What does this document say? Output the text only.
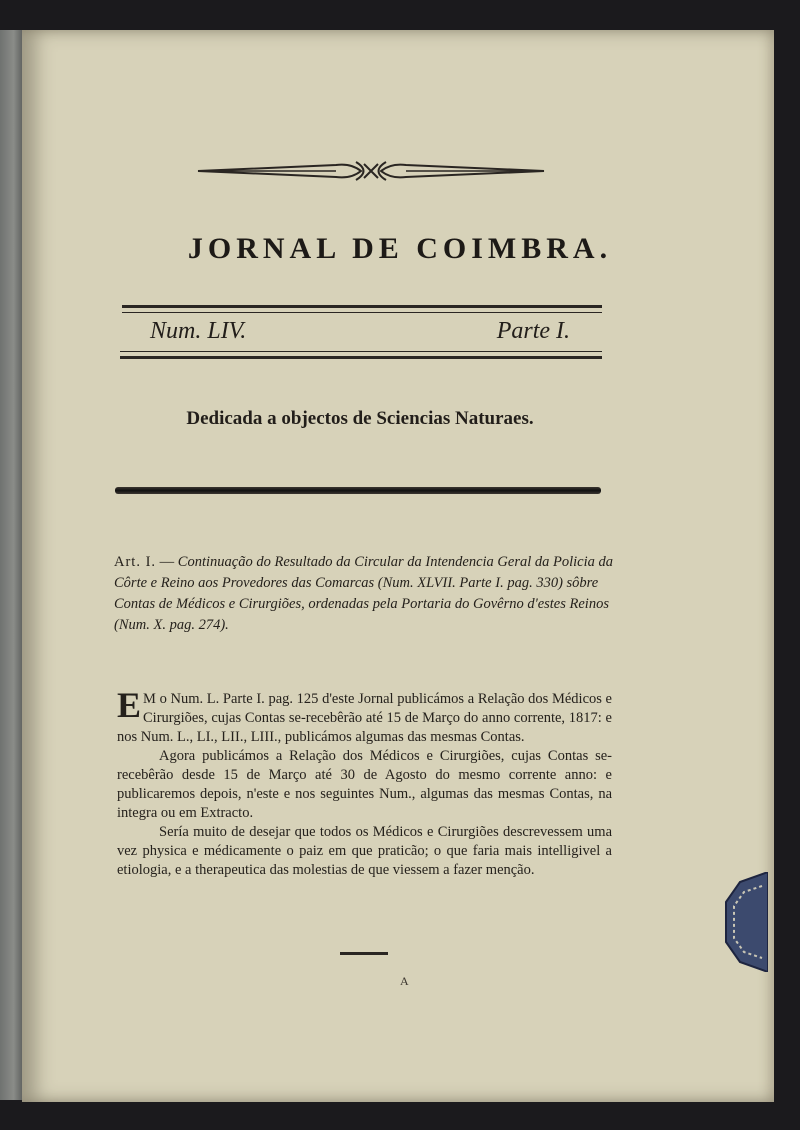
JORNAL DE COIMBRA.
Num. LIV.	Parte I.
Dedicada a objectos de Sciencias Naturaes.
Art. I. — Continuação do Resultado da Circular da Intendencia Geral da Policia da Côrte e Reino aos Provedores das Comarcas (Num. XLVII. Parte I. pag. 330) sôbre Contas de Médicos e Cirurgiões, ordenadas pela Portaria do Govêrno d'estes Reinos (Num. X. pag. 274).

E M o Num. L. Parte I. pag. 125 d'este Jornal publicámos a Relação dos Médicos e Cirurgiões, cujas Contas se-recebêrão até 15 de Março do anno corrente, 1817: e nos Num. L., LI., LII., LIII., publicámos algumas das mesmas Contas.

Agora publicámos a Relação dos Médicos e Cirurgiões, cujas Contas se-recebêrão desde 15 de Março até 30 de Agosto do mesmo corrente anno: e publicaremos depois, n'este e nos seguintes Num., algumas das mesmas Contas, na integra ou em Extracto.

Sería muito de desejar que todos os Médicos e Cirurgiões descrevessem uma vez physica e médicamente o paiz em que praticão; o que faria mais intelligivel a etiologia, e a therapeutica das molestias de que viessem a fazer menção.

A
